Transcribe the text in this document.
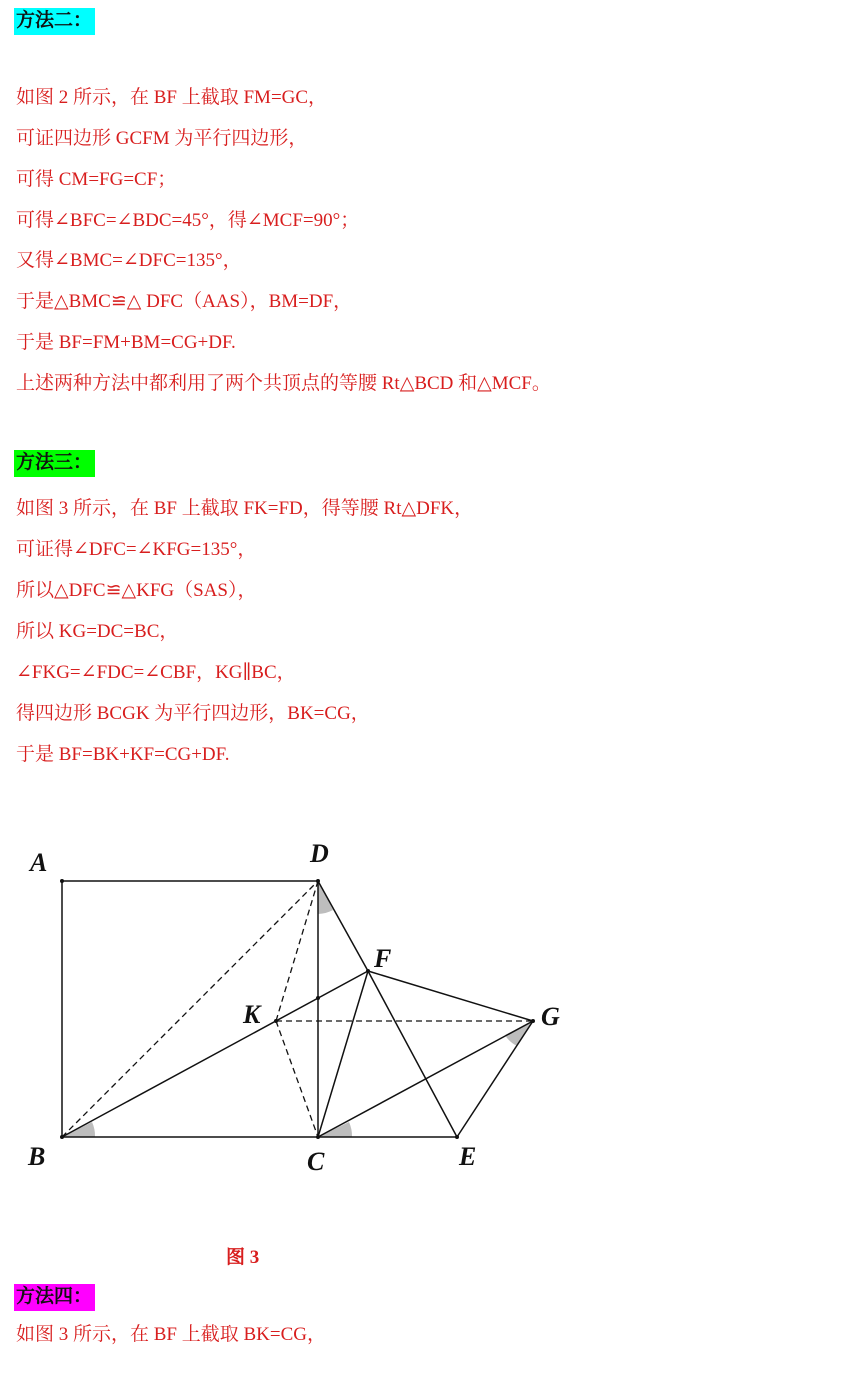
方法二：
如图 2 所示，在 BF 上截取 FM=GC，
可证四边形 GCFM 为平行四边形，
可得 CM=FG=CF；
可得∠BFC=∠BDC=45°，得∠MCF=90°；
又得∠BMC=∠DFC=135°，
于是△BMC≌△ DFC（AAS），BM=DF，
于是 BF=FM+BM=CG+DF.
上述两种方法中都利用了两个共顶点的等腰 Rt△BCD 和△MCF。
方法三：
如图 3 所示，在 BF 上截取 FK=FD，得等腰 Rt△DFK，
可证得∠DFC=∠KFG=135°，
所以△DFC≌△KFG（SAS），
所以 KG=DC=BC，
∠FKG=∠FDC=∠CBF，KG∥BC，
得四边形 BCGK 为平行四边形，BK=CG，
于是 BF=BK+KF=CG+DF.
A
B	C
D
E
F
G
K
图 3
方法四：
如图 3 所示，在 BF 上截取 BK=CG，
